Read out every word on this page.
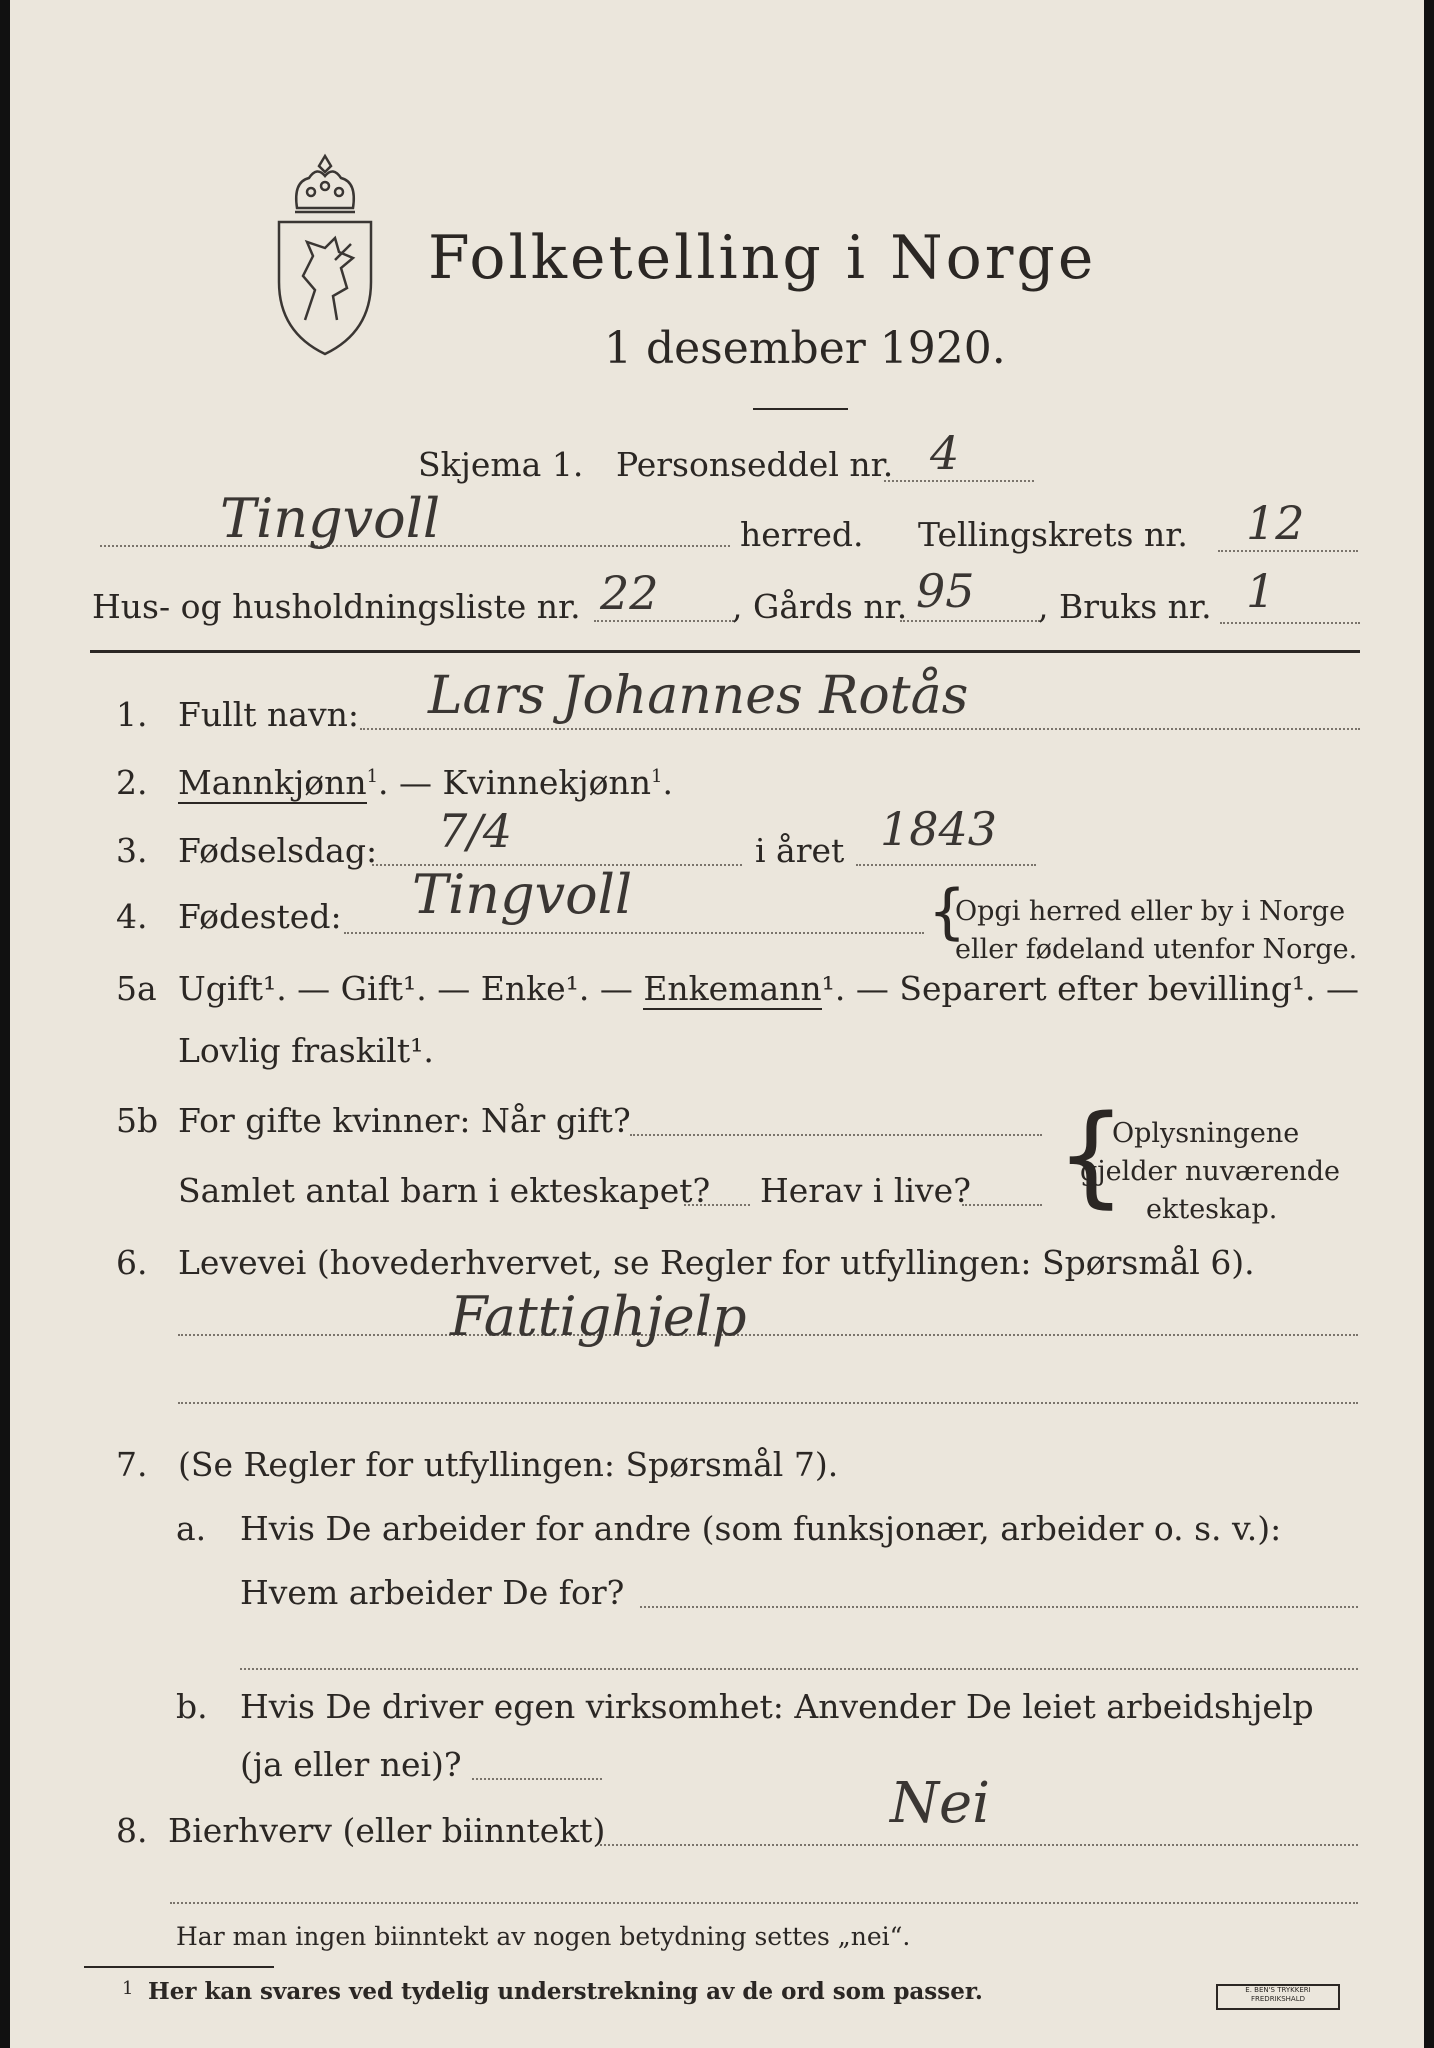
Folketelling i Norge
1 desember 1920.
Skjema 1. Personseddel nr. 4
Tingvoll	herred. Tellingskrets nr. 12
Hus- og husholdningsliste nr. 22 , Gårds nr. 95 , Bruks nr. 1
1. Fullt navn: Lars Johannes Rotås
2. Mannkjønn$^1$. — Kvinnekjønn$^1$.
3. Fødselsdag: 7/4	i året 1843
4. Fødested: Tingvoll	{
Opgi herred eller by i Norge
eller fødeland utenfor Norge.
5a Ugift¹. — Gift¹. — Enke¹. — Enkemann¹. — Separert efter bevilling¹. —
Lovlig fraskilt¹.
5b For gifte kvinner: Når gift?
Samlet antal barn i ekteskapet? Herav i live? {
Oplysningene
gjelder nuværende
ekteskap.
6. Levevei (hovederhvervet, se Regler for utfyllingen: Spørsmål 6).
Fattighjelp
7. (Se Regler for utfyllingen: Spørsmål 7).
a. Hvis De arbeider for andre (som funksjonær, arbeider o. s. v.):
Hvem arbeider De for?
b. Hvis De driver egen virksomhet: Anvender De leiet arbeidshjelp
(ja eller nei)?
8. Bierhverv (eller biinntekt)	Nei
Har man ingen biinntekt av nogen betydning settes „nei“.
1 Her kan svares ved tydelig understrekning av de ord som passer.	E. BEN'S TRYKKERI FREDRIKSHALD
